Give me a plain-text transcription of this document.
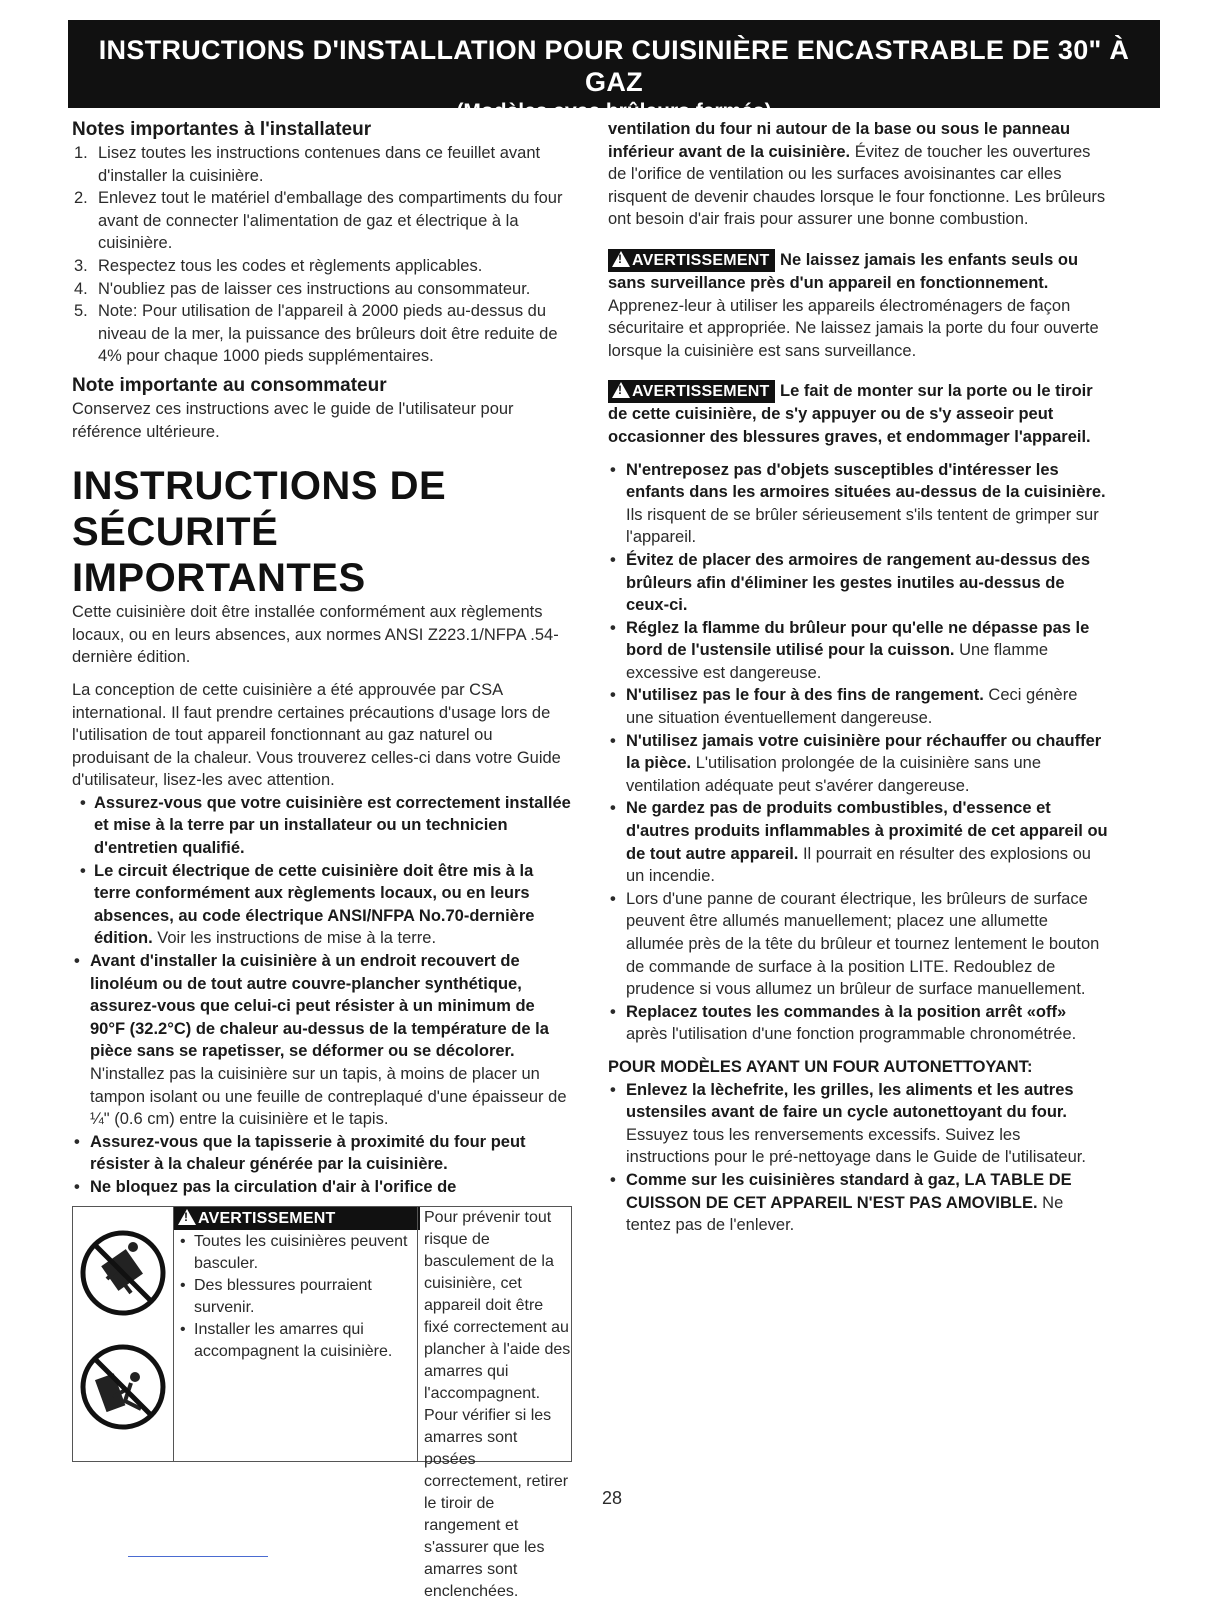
INSTRUCTIONS D'INSTALLATION POUR CUISINIÈRE ENCASTRABLE DE 30" À GAZ
(Modèles avec brûleurs fermés)
Notes importantes à l'installateur
1. Lisez toutes les instructions contenues dans ce feuillet avant d'installer la cuisinière.
2. Enlevez tout le matériel d'emballage des compartiments du four avant de connecter l'alimentation de gaz et électrique à la cuisinière.
3. Respectez tous les codes et règlements applicables.
4. N'oubliez pas de laisser ces instructions au consommateur.
5. Note: Pour utilisation de l'appareil à 2000 pieds au-dessus du niveau de la mer, la puissance des brûleurs doit être reduite de 4% pour chaque 1000 pieds supplémentaires.
Note importante au consommateur

Conservez ces instructions avec le guide de l'utilisateur pour référence ultérieure.

INSTRUCTIONS DE SÉCURITÉ
IMPORTANTES

Cette cuisinière doit être installée conformément aux règlements locaux, ou en leurs absences, aux normes ANSI Z223.1/NFPA .54- dernière édition.

La conception de cette cuisinière a été approuvée par CSA international. Il faut prendre certaines précautions d'usage lors de l'utilisation de tout appareil fonctionnant au gaz naturel ou produisant de la chaleur. Vous trouverez celles-ci dans votre Guide d'utilisateur, lisez-les avec attention.

• Assurez-vous que votre cuisinière est correctement installée et mise à la terre par un installateur ou un technicien d'entretien qualifié.
• Le circuit électrique de cette cuisinière doit être mis à la terre conformément aux règlements locaux, ou en leurs absences, au code électrique ANSI/NFPA No.70-dernière édition. Voir les instructions de mise à la terre.
• Avant d'installer la cuisinière à un endroit recouvert de linoléum ou de tout autre couvre-plancher synthétique, assurez-vous que celui-ci peut résister à un minimum de 90°F (32.2°C) de chaleur au-dessus de la température de la pièce sans se rapetisser, se déformer ou se décolorer. N'installez pas la cuisinière sur un tapis, à moins de placer un tampon isolant ou une feuille de contreplaqué d'une épaisseur de ¼" (0.6 cm) entre la cuisinière et le tapis.
• Assurez-vous que la tapisserie à proximité du four peut résister à la chaleur générée par la cuisinière.
• Ne bloquez pas la circulation d'air à l'orifice de
! AVERTISSEMENT
• Toutes les cuisinières peuvent basculer.
• Des blessures pourraient survenir.
• Installer les amarres qui accompagnent la cuisinière.
Pour prévenir tout risque de basculement de la cuisinière, cet appareil doit être fixé correctement au plancher à l'aide des amarres qui l'accompagnent. Pour vérifier si les amarres sont posées correctement, retirer le tiroir de rangement et s'assurer que les amarres sont enclenchées.

ventilation du four ni autour de la base ou sous le panneau inférieur avant de la cuisinière. Évitez de toucher les ouvertures de l'orifice de ventilation ou les surfaces avoisinantes car elles risquent de devenir chaudes lorsque le four fonctionne. Les brûleurs ont besoin d'air frais pour assurer une bonne combustion.

! AVERTISSEMENT Ne laissez jamais les enfants seuls ou sans surveillance près d'un appareil en fonctionnement. Apprenez-leur à utiliser les appareils électroménagers de façon sécuritaire et appropriée. Ne laissez jamais la porte du four ouverte lorsque la cuisinière est sans surveillance.

! AVERTISSEMENT Le fait de monter sur la porte ou le tiroir de cette cuisinière, de s'y appuyer ou de s'y asseoir peut occasionner des blessures graves, et endommager l'appareil.

• N'entreposez pas d'objets susceptibles d'intéresser les enfants dans les armoires situées au-dessus de la cuisinière. Ils risquent de se brûler sérieusement s'ils tentent de grimper sur l'appareil.
• Évitez de placer des armoires de rangement au-dessus des brûleurs afin d'éliminer les gestes inutiles au-dessus de ceux-ci.
• Réglez la flamme du brûleur pour qu'elle ne dépasse pas le bord de l'ustensile utilisé pour la cuisson. Une flamme excessive est dangereuse.
• N'utilisez pas le four à des fins de rangement. Ceci génère une situation éventuellement dangereuse.
• N'utilisez jamais votre cuisinière pour réchauffer ou chauffer la pièce. L'utilisation prolongée de la cuisinière sans une ventilation adéquate peut s'avérer dangereuse.
• Ne gardez pas de produits combustibles, d'essence et d'autres produits inflammables à proximité de cet appareil ou de tout autre appareil. Il pourrait en résulter des explosions ou un incendie.
• Lors d'une panne de courant électrique, les brûleurs de surface peuvent être allumés manuellement; placez une allumette allumée près de la tête du brûleur et tournez lentement le bouton de commande de surface à la position LITE. Redoublez de prudence si vous allumez un brûleur de surface manuellement.
• Replacez toutes les commandes à la position arrêt «off» après l'utilisation d'une fonction programmable chronométrée.

POUR MODÈLES AYANT UN FOUR AUTONETTOYANT:

• Enlevez la lèchefrite, les grilles, les aliments et les autres ustensiles avant de faire un cycle autonettoyant du four. Essuyez tous les renversements excessifs. Suivez les instructions pour le pré-nettoyage dans le Guide de l'utilisateur.
• Comme sur les cuisinières standard à gaz, LA TABLE DE CUISSON DE CET APPAREIL N'EST PAS AMOVIBLE. Ne tentez pas de l'enlever.
28
